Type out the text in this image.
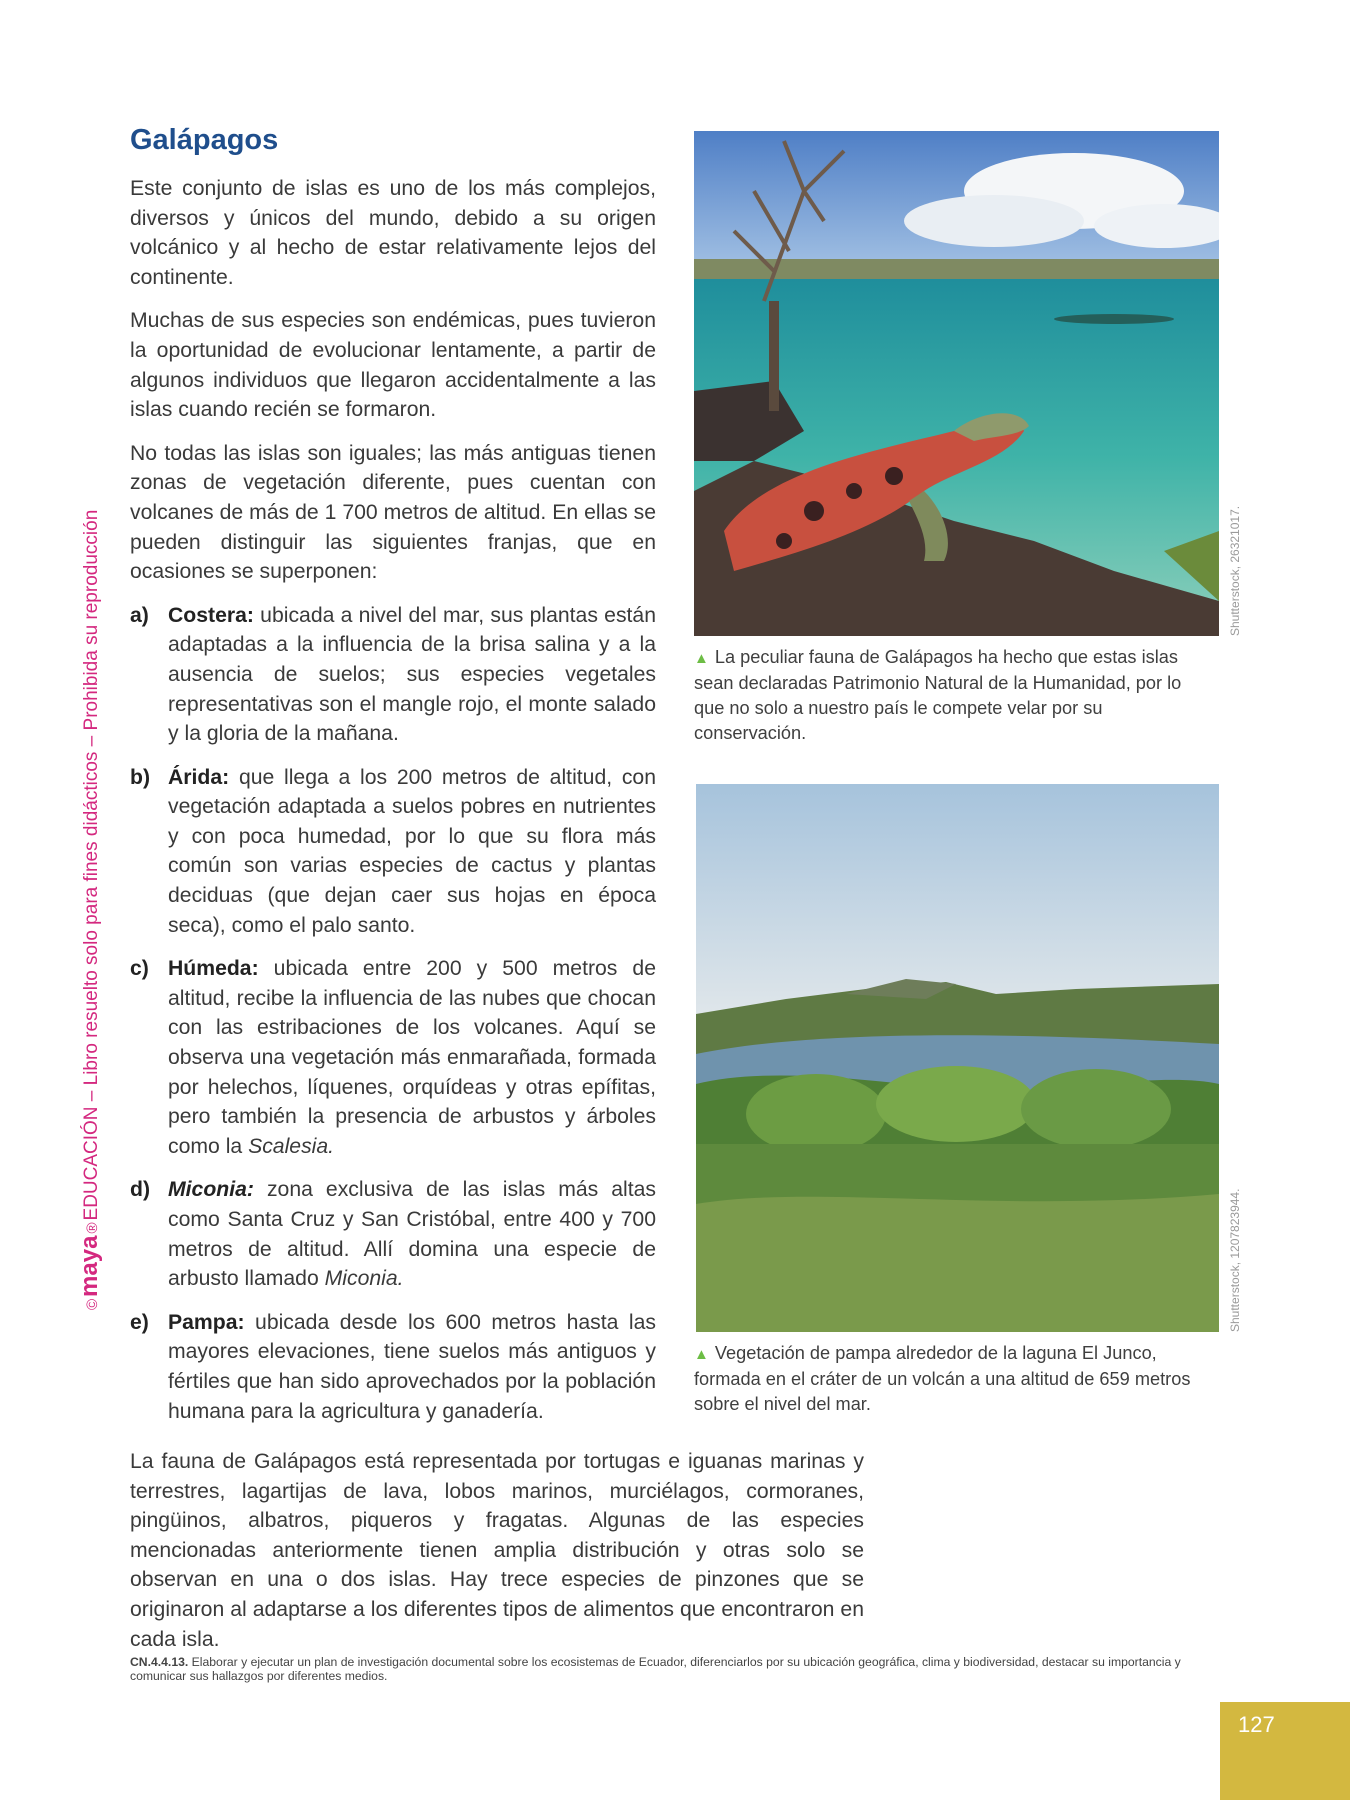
©
maya
®
EDUCACIÓN – Libro resuelto solo para fines didácticos – Prohibida su reproducción
Galápagos

Este conjunto de islas es uno de los más complejos, diversos y únicos del mundo, debido a su origen volcánico y al hecho de estar relativamente lejos del continente.

Muchas de sus especies son endémicas, pues tuvieron la oportunidad de evolucionar lentamente, a partir de algunos individuos que llegaron accidentalmente a las islas cuando recién se formaron.

No todas las islas son iguales; las más antiguas tienen zonas de vegetación diferente, pues cuentan con volcanes de más de 1 700 metros de altitud. En ellas se pueden distinguir las siguientes franjas, que en ocasiones se superponen:

a) Costera: ubicada a nivel del mar, sus plantas están adaptadas a la influencia de la brisa salina y a la ausencia de suelos; sus especies vegetales representativas son el mangle rojo, el monte salado y la gloria de la mañana.
b) Árida: que llega a los 200 metros de altitud, con vegetación adaptada a suelos pobres en nutrientes y con poca humedad, por lo que su flora más común son varias especies de cactus y plantas deciduas (que dejan caer sus hojas en época seca), como el palo santo.
c) Húmeda: ubicada entre 200 y 500 metros de altitud, recibe la influencia de las nubes que chocan con las estribaciones de los volcanes. Aquí se observa una vegetación más enmarañada, formada por helechos, líquenes, orquídeas y otras epífitas, pero también la presencia de arbustos y árboles como la Scalesia.
d) Miconia: zona exclusiva de las islas más altas como Santa Cruz y San Cristóbal, entre 400 y 700 metros de altitud. Allí domina una especie de arbusto llamado Miconia.
e) Pampa: ubicada desde los 600 metros hasta las mayores elevaciones, tiene suelos más antiguos y fértiles que han sido aprovechados por la población humana para la agricultura y ganadería.
Shutterstock, 26321017.
▲ La peculiar fauna de Galápagos ha hecho que estas islas sean declaradas Patrimonio Natural de la Humanidad, por lo que no solo a nuestro país le compete velar por su conservación.
Shutterstock, 1207823944.
▲ Vegetación de pampa alrededor de la laguna El Junco, formada en el cráter de un volcán a una altitud de 659 metros sobre el nivel del mar.

La fauna de Galápagos está representada por tortugas e iguanas marinas y terrestres, lagartijas de lava, lobos marinos, murciélagos, cormoranes, pingüinos, albatros, piqueros y fragatas. Algunas de las especies mencionadas anteriormente tienen amplia distribución y otras solo se observan en una o dos islas. Hay trece especies de pinzones que se originaron al adaptarse a los diferentes tipos de alimentos que encontraron en cada isla.

CN.4.4.13. Elaborar y ejecutar un plan de investigación documental sobre los ecosistemas de Ecuador, diferenciarlos por su ubicación geográfica, clima y biodiversidad, destacar su importancia y comunicar sus hallazgos por diferentes medios.

127
